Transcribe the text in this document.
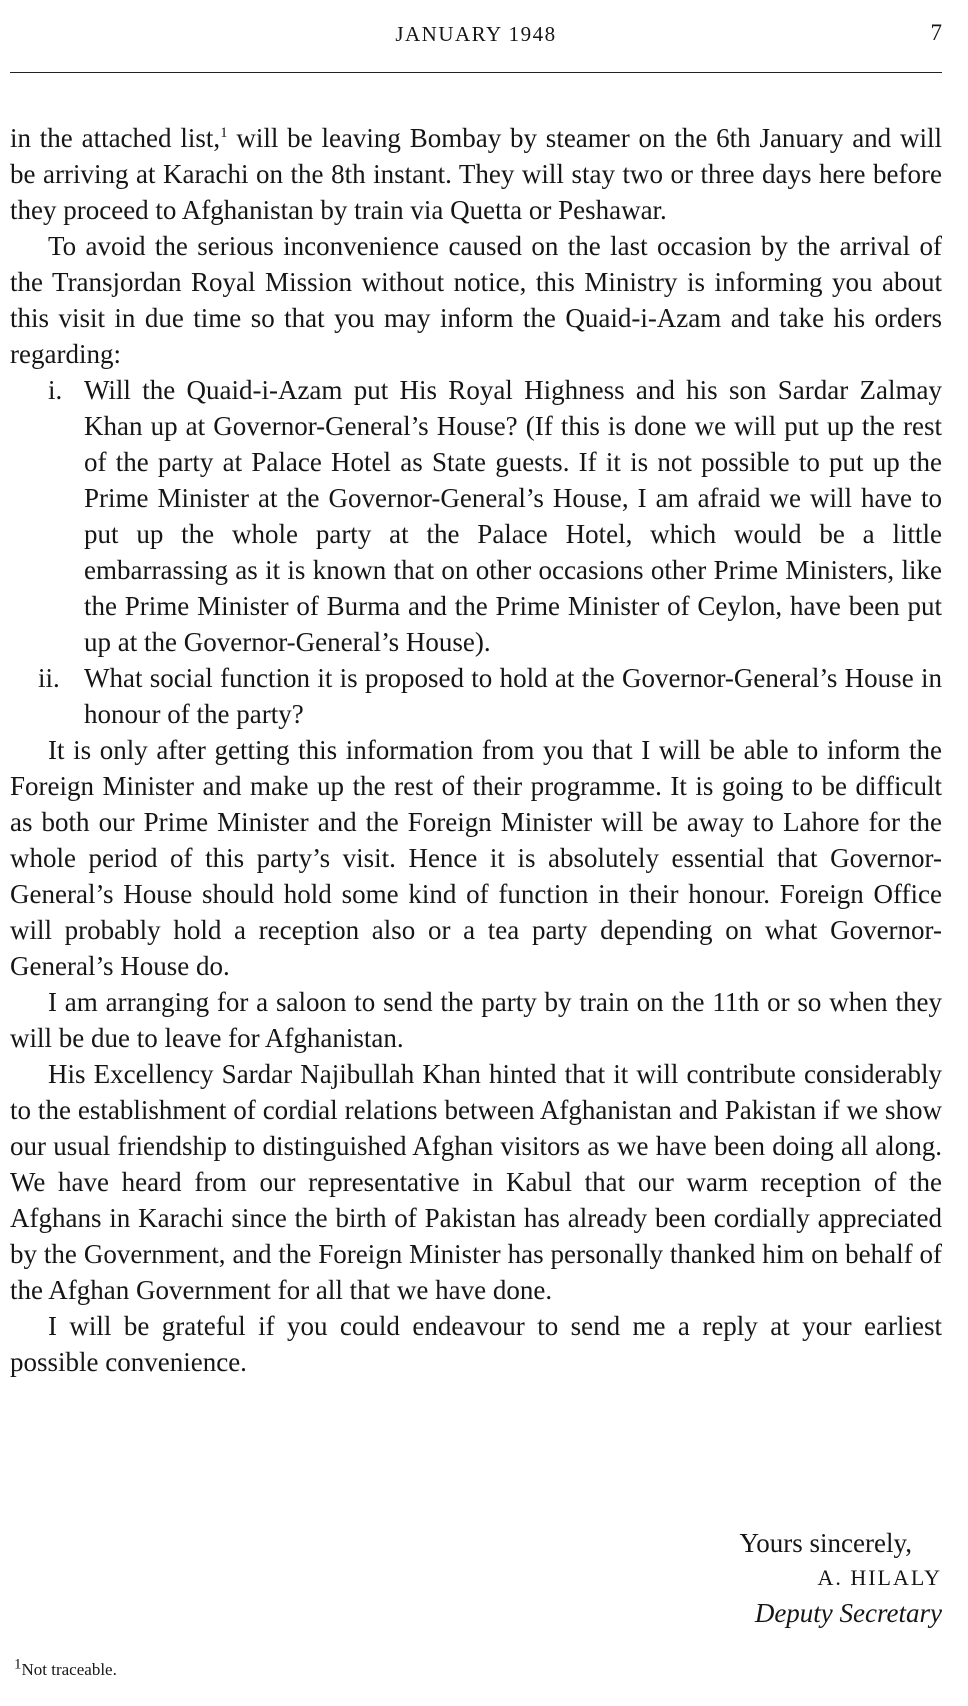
JANUARY 1948	7

in the attached list,$^1$ will be leaving Bombay by steamer on the 6th January and will be arriving at Karachi on the 8th instant. They will stay two or three days here before they proceed to Afghanistan by train via Quetta or Peshawar.

To avoid the serious inconvenience caused on the last occasion by the arrival of the Transjordan Royal Mission without notice, this Ministry is informing you about this visit in due time so that you may inform the Quaid-i-Azam and take his orders regarding:

i. Will the Quaid-i-Azam put His Royal Highness and his son Sardar Zalmay Khan up at Governor-General’s House? (If this is done we will put up the rest of the party at Palace Hotel as State guests. If it is not possible to put up the Prime Minister at the Governor-General’s House, I am afraid we will have to put up the whole party at the Palace Hotel, which would be a little embarrassing as it is known that on other occasions other Prime Ministers, like the Prime Minister of Burma and the Prime Minister of Ceylon, have been put up at the Governor-General’s House).
ii. What social function it is proposed to hold at the Governor-General’s House in honour of the party?

It is only after getting this information from you that I will be able to inform the Foreign Minister and make up the rest of their programme. It is going to be difficult as both our Prime Minister and the Foreign Minister will be away to Lahore for the whole period of this party’s visit. Hence it is absolutely essential that Governor-General’s House should hold some kind of function in their honour. Foreign Office will probably hold a reception also or a tea party depending on what Governor-General’s House do.

I am arranging for a saloon to send the party by train on the 11th or so when they will be due to leave for Afghanistan.

His Excellency Sardar Najibullah Khan hinted that it will contribute considerably to the establishment of cordial relations between Afghanistan and Pakistan if we show our usual friendship to distinguished Afghan visitors as we have been doing all along. We have heard from our representative in Kabul that our warm reception of the Afghans in Karachi since the birth of Pakistan has already been cordially appreciated by the Government, and the Foreign Minister has personally thanked him on behalf of the Afghan Government for all that we have done.

I will be grateful if you could endeavour to send me a reply at your earliest possible convenience.

Yours sincerely,
A. HILALY
Deputy Secretary
$^1$Not traceable.
